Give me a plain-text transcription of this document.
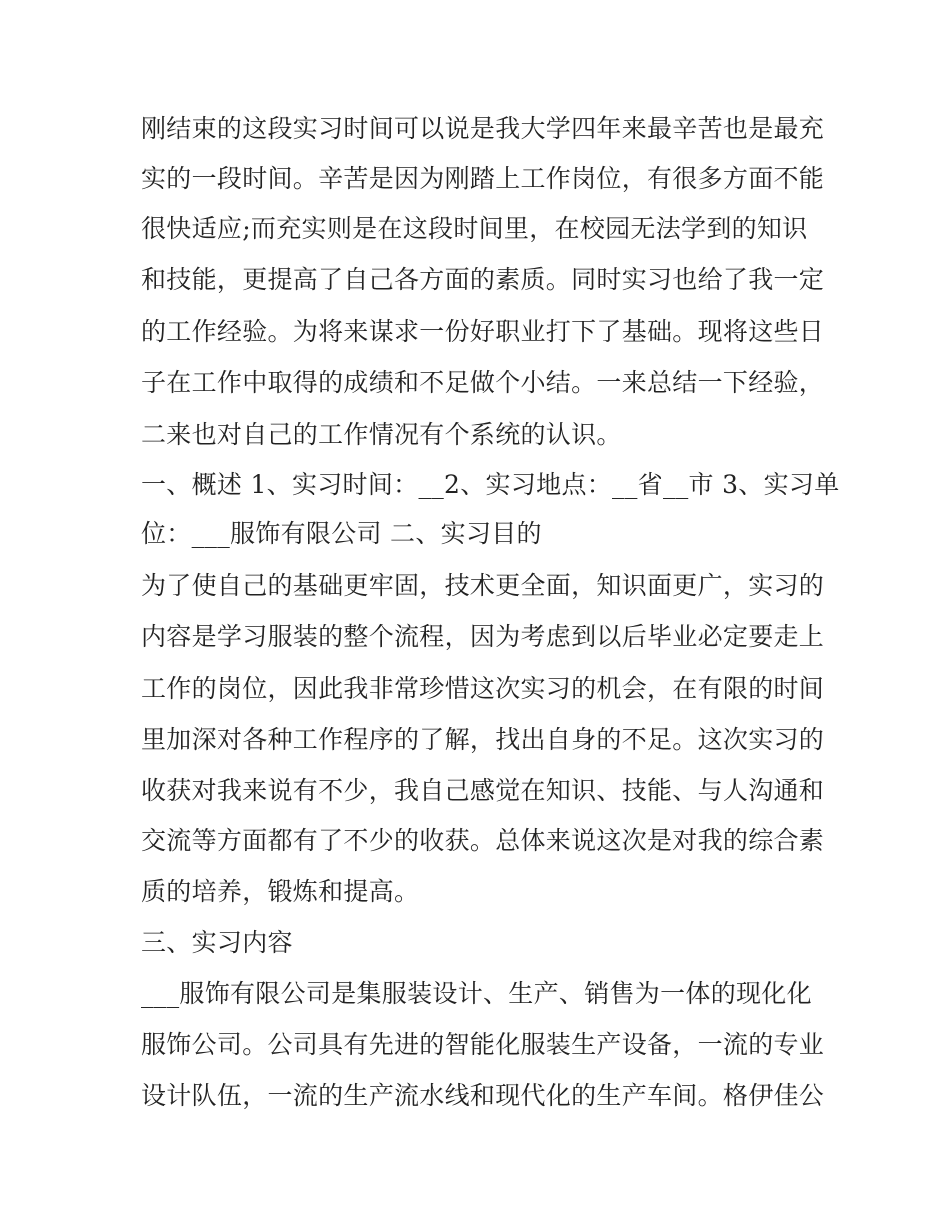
刚结束的这段实习时间可以说是我大学四年来最辛苦也是最充
实的一段时间。辛苦是因为刚踏上工作岗位，有很多方面不能
很快适应;而充实则是在这段时间里，在校园无法学到的知识
和技能，更提高了自己各方面的素质。同时实习也给了我一定
的工作经验。为将来谋求一份好职业打下了基础。现将这些日
子在工作中取得的成绩和不足做个小结。一来总结一下经验，
二来也对自己的工作情况有个系统的认识。
一、概述 1、实习时间：__2、实习地点：__省__市 3、实习单
位：___服饰有限公司 二、实习目的
为了使自己的基础更牢固，技术更全面，知识面更广，实习的
内容是学习服装的整个流程，因为考虑到以后毕业必定要走上
工作的岗位，因此我非常珍惜这次实习的机会，在有限的时间
里加深对各种工作程序的了解，找出自身的不足。这次实习的
收获对我来说有不少，我自己感觉在知识、技能、与人沟通和
交流等方面都有了不少的收获。总体来说这次是对我的综合素
质的培养，锻炼和提高。
三、实习内容
___服饰有限公司是集服装设计、生产、销售为一体的现化化
服饰公司。公司具有先进的智能化服装生产设备，一流的专业
设计队伍，一流的生产流水线和现代化的生产车间。格伊佳公
